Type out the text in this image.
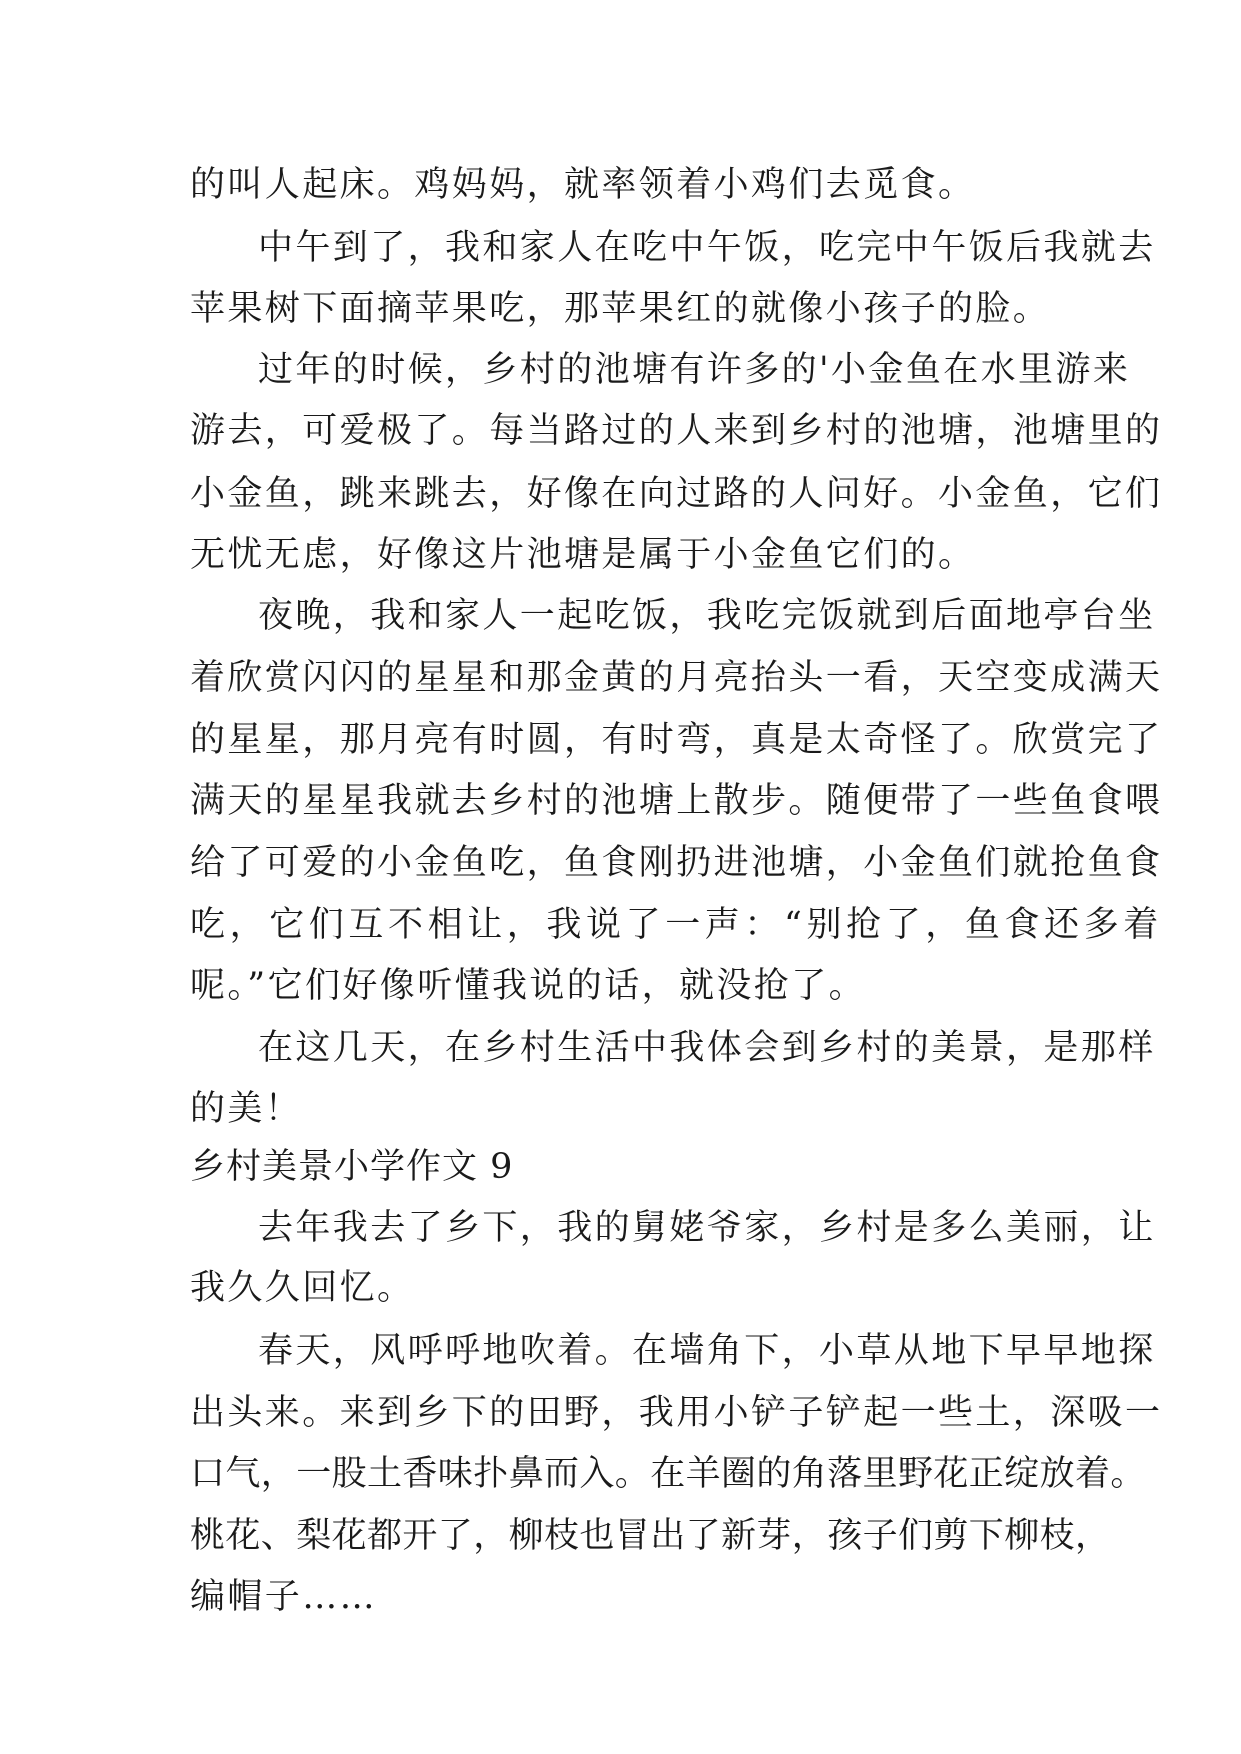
的叫人起床。鸡妈妈，就率领着小鸡们去觅食。
中午到了，我和家人在吃中午饭，吃完中午饭后我就去
苹果树下面摘苹果吃，那苹果红的就像小孩子的脸。
过年的时候，乡村的池塘有许多的'小金鱼在水里游来
游去，可爱极了。每当路过的人来到乡村的池塘，池塘里的
小金鱼，跳来跳去，好像在向过路的人问好。小金鱼，它们
无忧无虑，好像这片池塘是属于小金鱼它们的。
夜晚，我和家人一起吃饭，我吃完饭就到后面地亭台坐
着欣赏闪闪的星星和那金黄的月亮抬头一看，天空变成满天
的星星，那月亮有时圆，有时弯，真是太奇怪了。欣赏完了
满天的星星我就去乡村的池塘上散步。随便带了一些鱼食喂
给了可爱的小金鱼吃，鱼食刚扔进池塘，小金鱼们就抢鱼食
吃，它们互不相让，我说了一声：“别抢了，鱼食还多着
呢。”它们好像听懂我说的话，就没抢了。
在这几天，在乡村生活中我体会到乡村的美景，是那样
的美！
乡村美景小学作文 9
去年我去了乡下，我的舅姥爷家，乡村是多么美丽，让
我久久回忆。
春天，风呼呼地吹着。在墙角下，小草从地下早早地探
出头来。来到乡下的田野，我用小铲子铲起一些土，深吸一
口气，一股土香味扑鼻而入。在羊圈的角落里野花正绽放着。
桃花、梨花都开了，柳枝也冒出了新芽，孩子们剪下柳枝，
编帽子……
